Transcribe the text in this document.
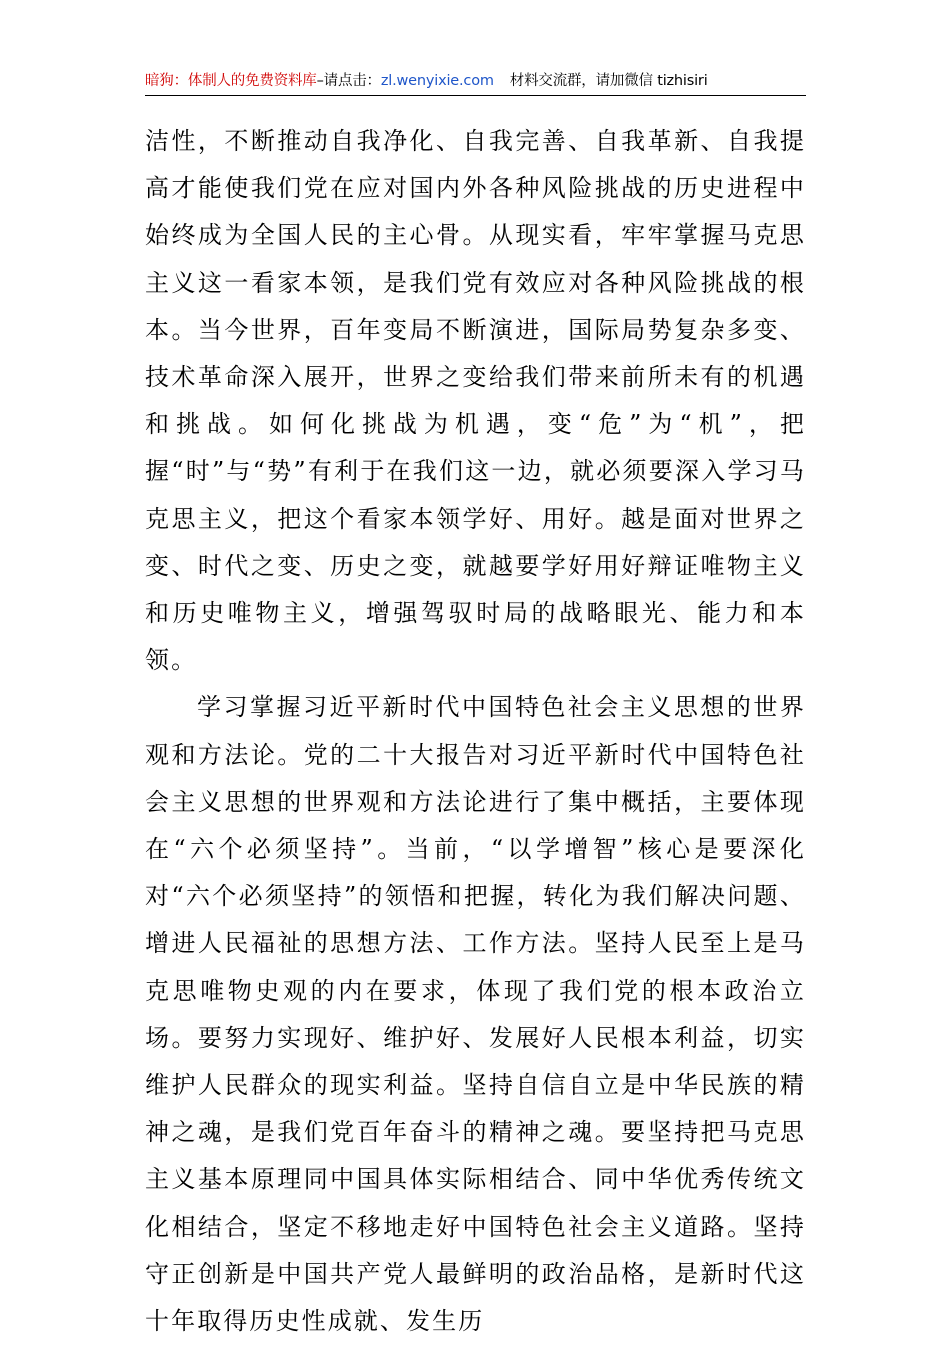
暗狗：体制人的免费资料库–请点击：zl.wenyixie.com 材料交流群，请加微信 tizhisiri

洁性，不断推动自我净化、自我完善、自我革新、自我提高才能使我们党在应对国内外各种风险挑战的历史进程中始终成为全国人民的主心骨。从现实看，牢牢掌握马克思主义这一看家本领，是我们党有效应对各种风险挑战的根本。当今世界，百年变局不断演进，国际局势复杂多变、技术革命深入展开，世界之变给我们带来前所未有的机遇和挑战。如何化挑战为机遇，变“危”为“机”，把握“时”与“势”有利于在我们这一边，就必须要深入学习马克思主义，把这个看家本领学好、用好。越是面对世界之变、时代之变、历史之变，就越要学好用好辩证唯物主义和历史唯物主义，增强驾驭时局的战略眼光、能力和本领。

学习掌握习近平新时代中国特色社会主义思想的世界观和方法论。党的二十大报告对习近平新时代中国特色社会主义思想的世界观和方法论进行了集中概括，主要体现在“六个必须坚持”。当前，“以学增智”核心是要深化对“六个必须坚持”的领悟和把握，转化为我们解决问题、增进人民福祉的思想方法、工作方法。坚持人民至上是马克思唯物史观的内在要求，体现了我们党的根本政治立场。要努力实现好、维护好、发展好人民根本利益，切实维护人民群众的现实利益。坚持自信自立是中华民族的精神之魂，是我们党百年奋斗的精神之魂。要坚持把马克思主义基本原理同中国具体实际相结合、同中华优秀传统文化相结合，坚定不移地走好中国特色社会主义道路。坚持守正创新是中国共产党人最鲜明的政治品格，是新时代这十年取得历史性成就、发生历
